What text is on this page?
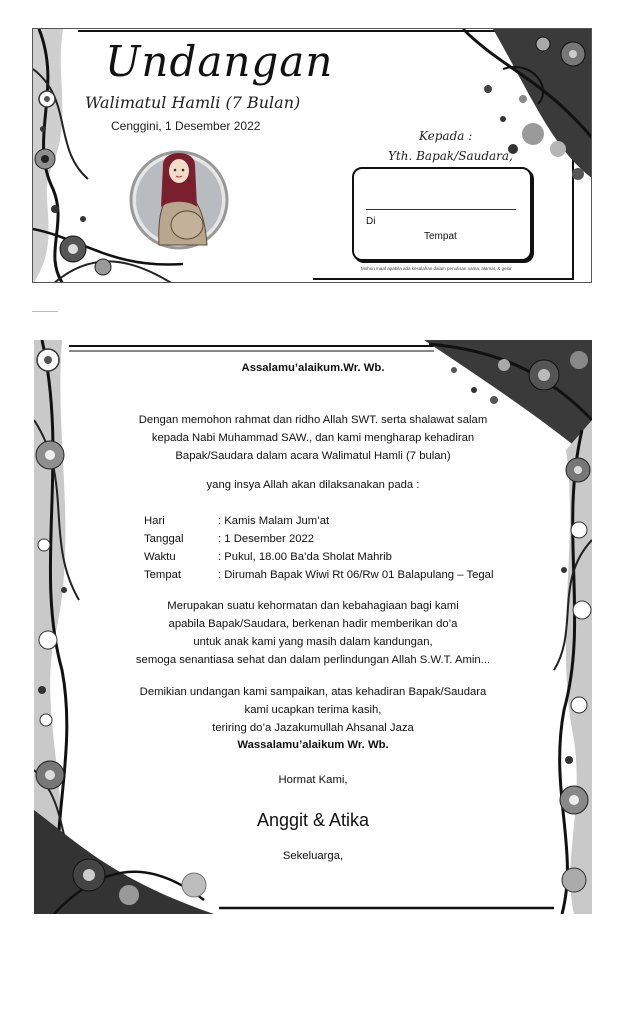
Undangan
Walimatul Hamli (7 Bulan)
Cenggini, 1 Desember 2022
Kepada :
Yth. Bapak/Saudara,
Di
Tempat
Mohon maaf apabila ada kesalahan dalam penulisan nama, alamat, & gelar
Assalamu’alaikum.Wr. Wb.
Dengan memohon rahmat dan ridho Allah SWT. serta shalawat salam
kepada Nabi Muhammad SAW., dan kami mengharap kehadiran
Bapak/Saudara dalam acara Walimatul Hamli (7 bulan)
yang insya Allah akan dilaksanakan pada :
Hari	: Kamis Malam Jum’at
Tanggal	: 1 Desember 2022
Waktu	: Pukul, 18.00 Ba’da Sholat Mahrib
Tempat	: Dirumah Bapak Wiwi Rt 06/Rw 01 Balapulang – Tegal
Merupakan suatu kehormatan dan kebahagiaan bagi kami
apabila Bapak/Saudara, berkenan hadir memberikan do’a
untuk anak kami yang masih dalam kandungan,
semoga senantiasa sehat dan dalam perlindungan Allah S.W.T. Amin...
Demikian undangan kami sampaikan, atas kehadiran Bapak/Saudara
kami ucapkan terima kasih,
teriring do’a Jazakumullah Ahsanal Jaza
Wassalamu’alaikum Wr. Wb.
Hormat Kami,
Anggit & Atika
Sekeluarga,
